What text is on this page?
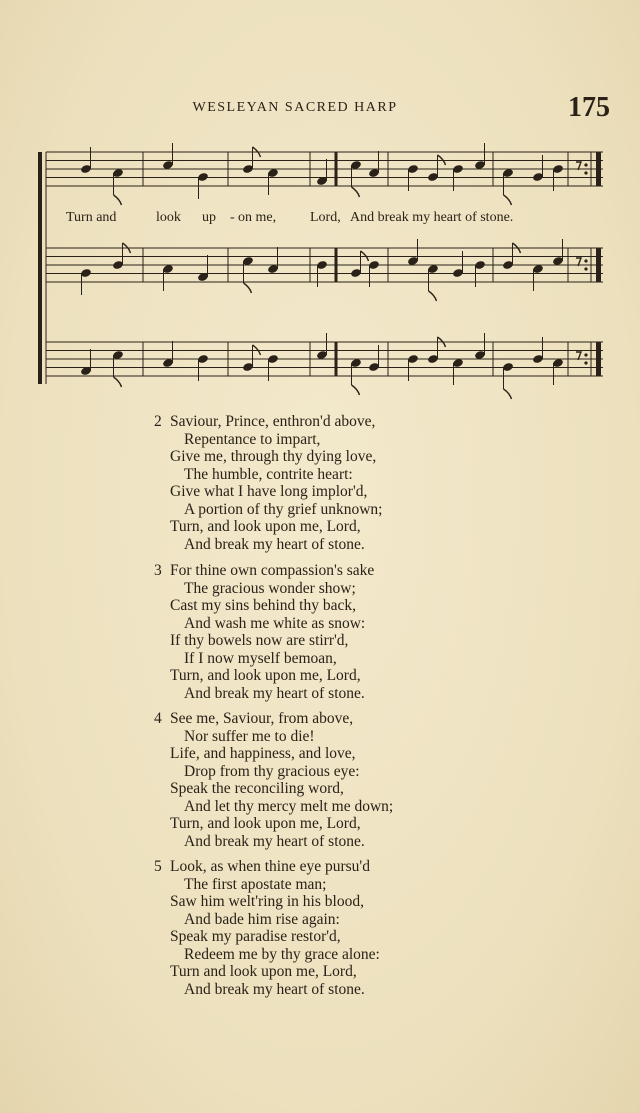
WESLEYAN SACRED HARP	175
Turn and	look up - on me, Lord, And break my heart of stone.
2 Saviour, Prince, enthron'd above,
Repentance to impart,
Give me, through thy dying love,
The humble, contrite heart:
Give what I have long implor'd,
A portion of thy grief unknown;
Turn, and look upon me, Lord,
And break my heart of stone.
3 For thine own compassion's sake
The gracious wonder show;
Cast my sins behind thy back,
And wash me white as snow:
If thy bowels now are stirr'd,
If I now myself bemoan,
Turn, and look upon me, Lord,
And break my heart of stone.
4 See me, Saviour, from above,
Nor suffer me to die!
Life, and happiness, and love,
Drop from thy gracious eye:
Speak the reconciling word,
And let thy mercy melt me down;
Turn, and look upon me, Lord,
And break my heart of stone.
5 Look, as when thine eye pursu'd
The first apostate man;
Saw him welt'ring in his blood,
And bade him rise again:
Speak my paradise restor'd,
Redeem me by thy grace alone:
Turn and look upon me, Lord,
And break my heart of stone.
